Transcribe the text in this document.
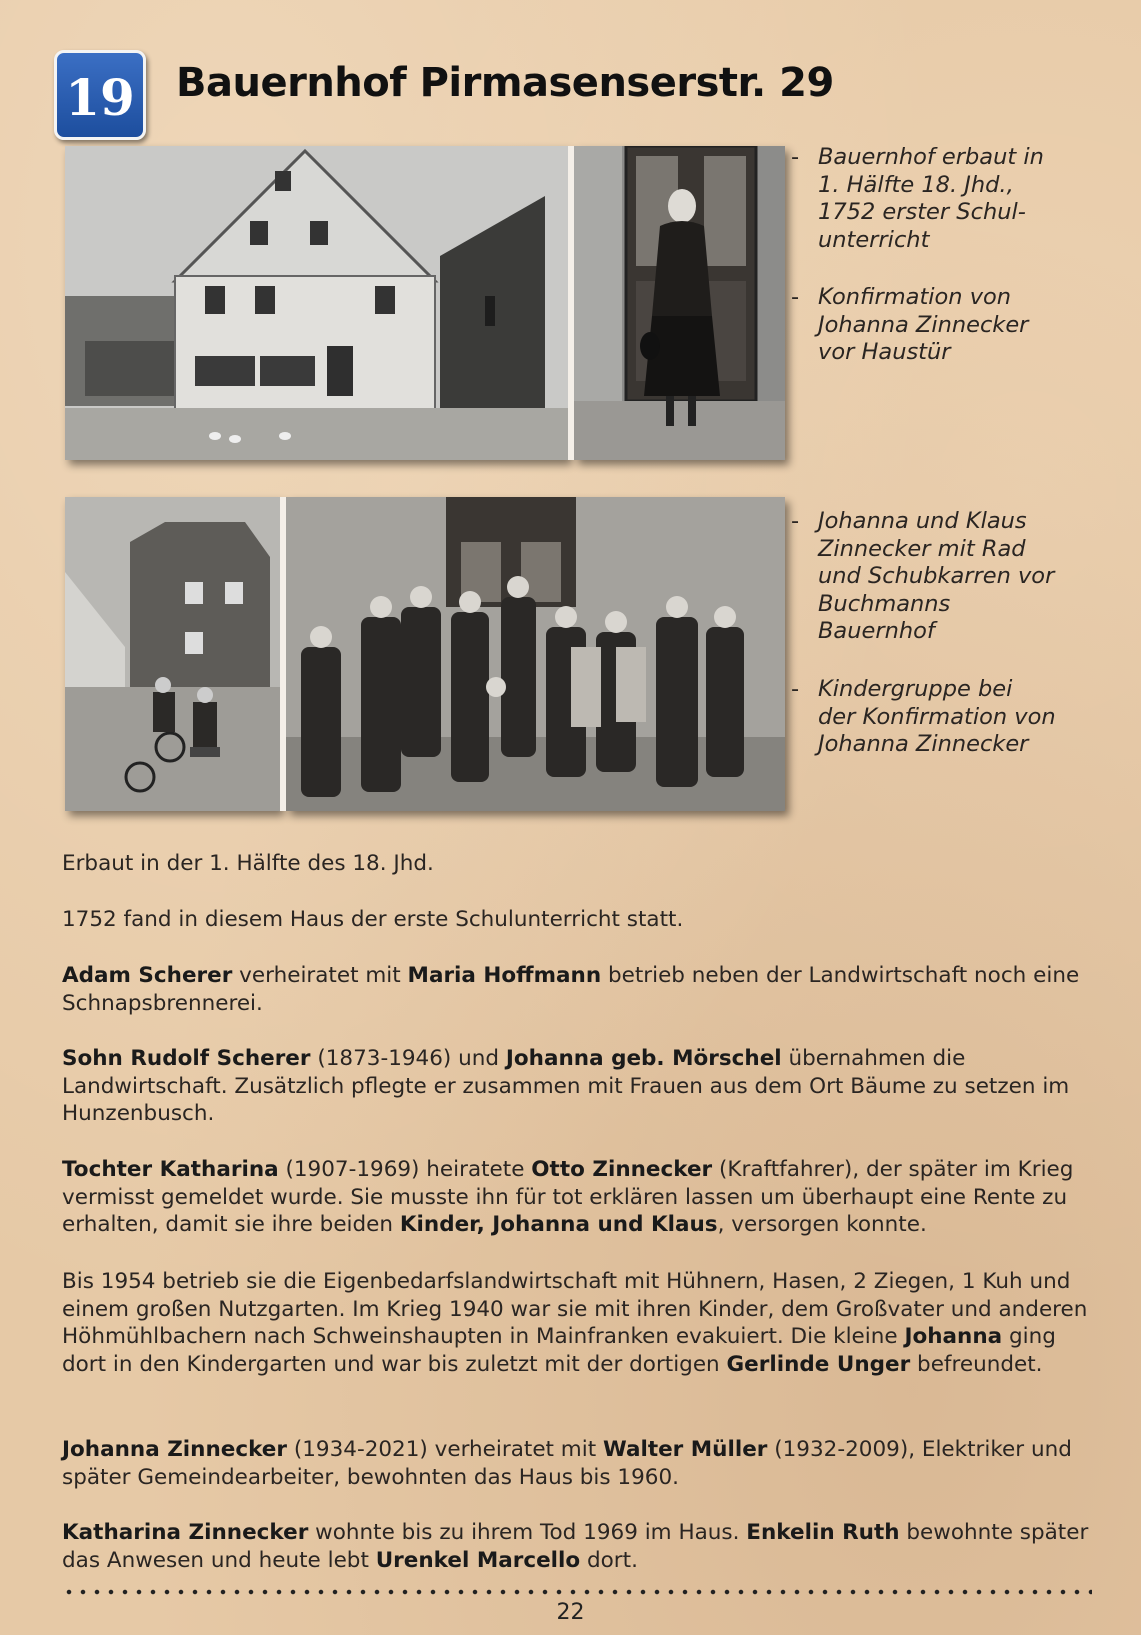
19 Bauernhof Pirmasenserstr. 29
- Bauernhof erbaut in
1. Hälfte 18. Jhd.,
1752 erster Schul-
unterricht
- Konfirmation von
Johanna Zinnecker
vor Haustür
- Johanna und Klaus
Zinnecker mit Rad
und Schubkarren vor
Buchmanns
Bauernhof
- Kindergruppe bei
der Konfirmation von
Johanna Zinnecker
Erbaut in der 1. Hälfte des 18. Jhd.
1752 fand in diesem Haus der erste Schulunterricht statt.
Adam Scherer verheiratet mit Maria Hoffmann betrieb neben der Landwirtschaft noch eine Schnapsbrennerei.
Sohn Rudolf Scherer (1873-1946) und Johanna geb. Mörschel übernahmen die Landwirtschaft. Zusätzlich pflegte er zusammen mit Frauen aus dem Ort Bäume zu setzen im Hunzenbusch.
Tochter Katharina (1907-1969) heiratete Otto Zinnecker (Kraftfahrer), der später im Krieg vermisst gemeldet wurde. Sie musste ihn für tot erklären lassen um überhaupt eine Rente zu erhalten, damit sie ihre beiden Kinder, Johanna und Klaus, versorgen konnte.
Bis 1954 betrieb sie die Eigenbedarfslandwirtschaft mit Hühnern, Hasen, 2 Ziegen, 1 Kuh und einem großen Nutzgarten. Im Krieg 1940 war sie mit ihren Kinder, dem Großvater und anderen Höhmühlbachern nach Schweinshaupten in Mainfranken evakuiert. Die kleine Johanna ging dort in den Kindergarten und war bis zuletzt mit der dortigen Gerlinde Unger befreundet.
Johanna Zinnecker (1934-2021) verheiratet mit Walter Müller (1932-2009), Elektriker und später Gemeindearbeiter, bewohnten das Haus bis 1960.
Katharina Zinnecker wohnte bis zu ihrem Tod 1969 im Haus. Enkelin Ruth bewohnte später das Anwesen und heute lebt Urenkel Marcello dort.
22
